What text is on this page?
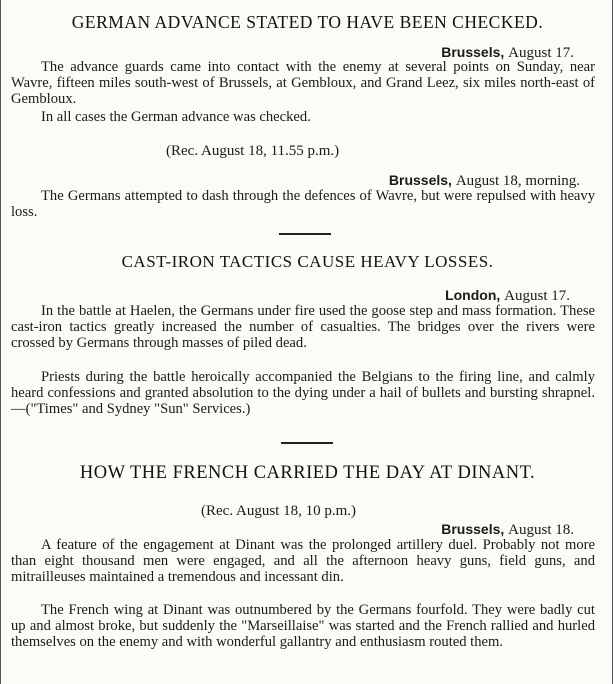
GERMAN ADVANCE STATED TO HAVE BEEN CHECKED.
Brussels, August 17.

The advance guards came into contact with the enemy at several points on Sunday, near Wavre, fifteen miles south-west of Brussels, at Gembloux, and Grand Leez, six miles north-east of Gembloux.

In all cases the German advance was checked.

(Rec. August 18, 11.55 p.m.)
Brussels, August 18, morning.

The Germans attempted to dash through the defences of Wavre, but were repulsed with heavy loss.

CAST-IRON TACTICS CAUSE HEAVY LOSSES.
London, August 17.

In the battle at Haelen, the Germans under fire used the goose step and mass formation. These cast-iron tactics greatly increased the number of casualties. The bridges over the rivers were crossed by Germans through masses of piled dead.

Priests during the battle heroically accompanied the Belgians to the firing line, and calmly heard confessions and granted absolution to the dying under a hail of bullets and bursting shrapnel.—("Times" and Sydney "Sun" Services.)

HOW THE FRENCH CARRIED THE DAY AT DINANT.
(Rec. August 18, 10 p.m.)
Brussels, August 18.

A feature of the engagement at Dinant was the prolonged artillery duel. Probably not more than eight thousand men were engaged, and all the afternoon heavy guns, field guns, and mitrailleuses maintained a tremendous and incessant din.

The French wing at Dinant was outnumbered by the Germans fourfold. They were badly cut up and almost broke, but suddenly the "Marseillaise" was started and the French rallied and hurled themselves on the enemy and with wonderful gallantry and enthusiasm routed them.
